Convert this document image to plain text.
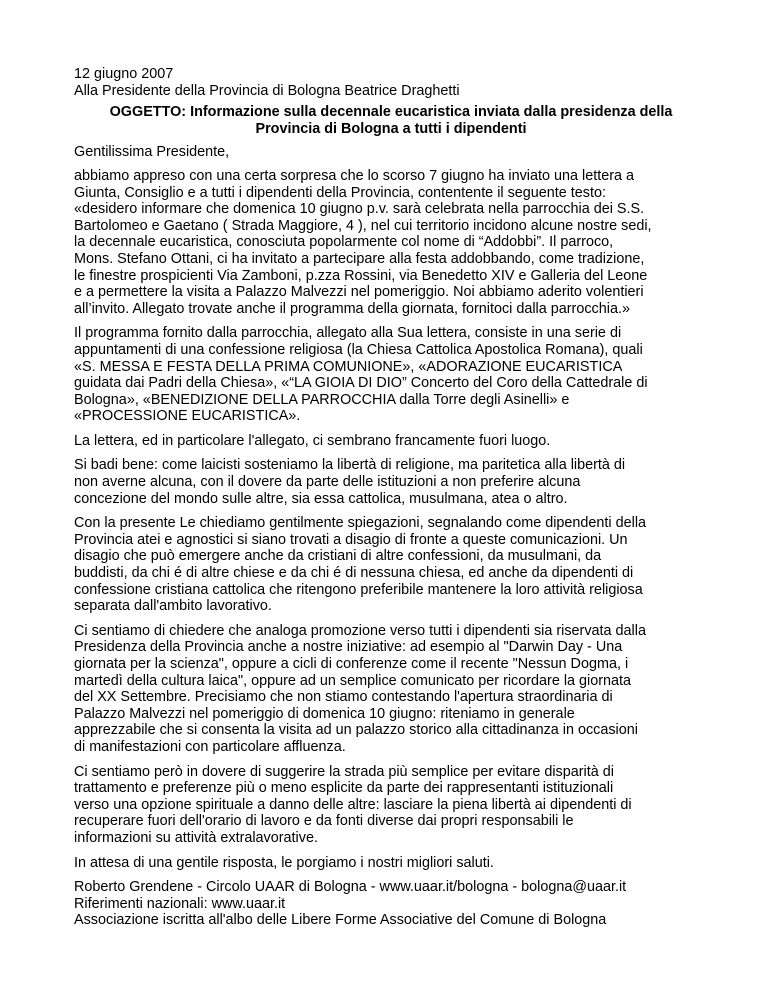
12 giugno 2007
Alla Presidente della Provincia di Bologna Beatrice Draghetti
OGGETTO: Informazione sulla decennale eucaristica inviata dalla presidenza della
Provincia di Bologna a tutti i dipendenti

Gentilissima Presidente,

abbiamo appreso con una certa sorpresa che lo scorso 7 giugno ha inviato una lettera a
Giunta, Consiglio e a tutti i dipendenti della Provincia, contentente il seguente testo:
«desidero informare che domenica 10 giugno p.v. sarà celebrata nella parrocchia dei S.S.
Bartolomeo e Gaetano ( Strada Maggiore, 4 ), nel cui territorio incidono alcune nostre sedi,
la decennale eucaristica, conosciuta popolarmente col nome di “Addobbi”. Il parroco,
Mons. Stefano Ottani, ci ha invitato a partecipare alla festa addobbando, come tradizione,
le finestre prospicienti Via Zamboni, p.zza Rossini, via Benedetto XIV e Galleria del Leone
e a permettere la visita a Palazzo Malvezzi nel pomeriggio. Noi abbiamo aderito volentieri
all’invito. Allegato trovate anche il programma della giornata, fornitoci dalla parrocchia.»

Il programma fornito dalla parrocchia, allegato alla Sua lettera, consiste in una serie di
appuntamenti di una confessione religiosa (la Chiesa Cattolica Apostolica Romana), quali
«S. MESSA E FESTA DELLA PRIMA COMUNIONE», «ADORAZIONE EUCARISTICA
guidata dai Padri della Chiesa», «“LA GIOIA DI DIO” Concerto del Coro della Cattedrale di
Bologna», «BENEDIZIONE DELLA PARROCCHIA dalla Torre degli Asinelli» e
«PROCESSIONE EUCARISTICA».

La lettera, ed in particolare l'allegato, ci sembrano francamente fuori luogo.

Si badi bene: come laicisti sosteniamo la libertà di religione, ma paritetica alla libertà di
non averne alcuna, con il dovere da parte delle istituzioni a non preferire alcuna
concezione del mondo sulle altre, sia essa cattolica, musulmana, atea o altro.

Con la presente Le chiediamo gentilmente spiegazioni, segnalando come dipendenti della
Provincia atei e agnostici si siano trovati a disagio di fronte a queste comunicazioni. Un
disagio che può emergere anche da cristiani di altre confessioni, da musulmani, da
buddisti, da chi é di altre chiese e da chi é di nessuna chiesa, ed anche da dipendenti di
confessione cristiana cattolica che ritengono preferibile mantenere la loro attività religiosa
separata dall'ambito lavorativo.

Ci sentiamo di chiedere che analoga promozione verso tutti i dipendenti sia riservata dalla
Presidenza della Provincia anche a nostre iniziative: ad esempio al "Darwin Day - Una
giornata per la scienza", oppure a cicli di conferenze come il recente "Nessun Dogma, i
martedì della cultura laica", oppure ad un semplice comunicato per ricordare la giornata
del XX Settembre. Precisiamo che non stiamo contestando l'apertura straordinaria di
Palazzo Malvezzi nel pomeriggio di domenica 10 giugno: riteniamo in generale
apprezzabile che si consenta la visita ad un palazzo storico alla cittadinanza in occasioni
di manifestazioni con particolare affluenza.

Ci sentiamo però in dovere di suggerire la strada più semplice per evitare disparità di
trattamento e preferenze più o meno esplicite da parte dei rappresentanti istituzionali
verso una opzione spirituale a danno delle altre: lasciare la piena libertà ai dipendenti di
recuperare fuori dell'orario di lavoro e da fonti diverse dai propri responsabili le
informazioni su attività extralavorative.

In attesa di una gentile risposta, le porgiamo i nostri migliori saluti.

Roberto Grendene - Circolo UAAR di Bologna - www.uaar.it/bologna - bologna@uaar.it
Riferimenti nazionali: www.uaar.it
Associazione iscritta all'albo delle Libere Forme Associative del Comune di Bologna
